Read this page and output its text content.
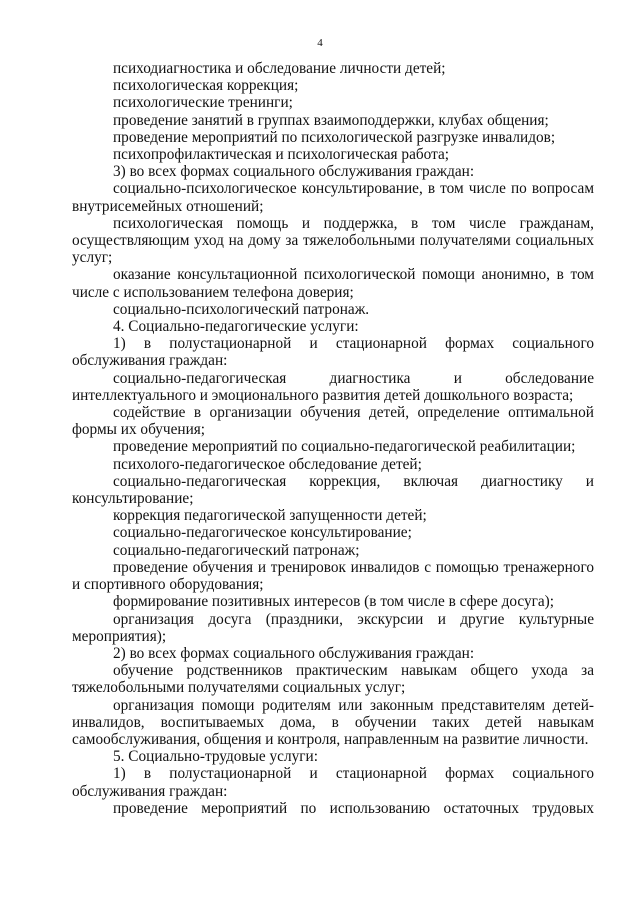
4

психодиагностика и обследование личности детей;

психологическая коррекция;

психологические тренинги;

проведение занятий в группах взаимоподдержки, клубах общения;

проведение мероприятий по психологической разгрузке инвалидов;

психопрофилактическая и психологическая работа;

3) во всех формах социального обслуживания граждан:

социально-психологическое консультирование, в том числе по вопросам внутрисемейных отношений;

психологическая помощь и поддержка, в том числе гражданам, осуществляющим уход на дому за тяжелобольными получателями социальных услуг;

оказание консультационной психологической помощи анонимно, в том числе с использованием телефона доверия;

социально-психологический патронаж.

4. Социально-педагогические услуги:

1) в полустационарной и стационарной формах социального обслуживания граждан:

социально-педагогическая диагностика и обследование интеллектуального и эмоционального развития детей дошкольного возраста;

содействие в организации обучения детей, определение оптимальной формы их обучения;

проведение мероприятий по социально-педагогической реабилитации;

психолого-педагогическое обследование детей;

социально-педагогическая коррекция, включая диагностику и консультирование;

коррекция педагогической запущенности детей;

социально-педагогическое консультирование;

социально-педагогический патронаж;

проведение обучения и тренировок инвалидов с помощью тренажерного и спортивного оборудования;

формирование позитивных интересов (в том числе в сфере досуга);

организация досуга (праздники, экскурсии и другие культурные мероприятия);

2) во всех формах социального обслуживания граждан:

обучение родственников практическим навыкам общего ухода за тяжелобольными получателями социальных услуг;

организация помощи родителям или законным представителям детей-инвалидов, воспитываемых дома, в обучении таких детей навыкам самообслуживания, общения и контроля, направленным на развитие личности.

5. Социально-трудовые услуги:

1) в полустационарной и стационарной формах социального обслуживания граждан:

проведение мероприятий по использованию остаточных трудовых
